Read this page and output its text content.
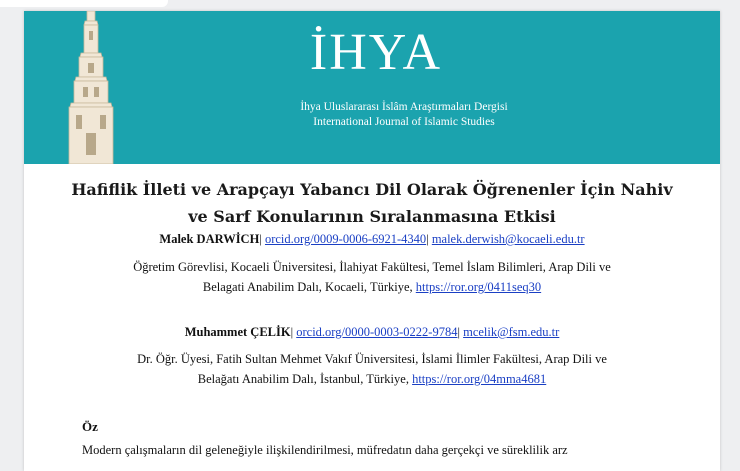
İHYA
İhya Uluslararası İslâm Araştırmaları Dergisi
International Journal of Islamic Studies
Hafiflik İlleti ve Arapçayı Yabancı Dil Olarak Öğrenenler İçin Nahiv
ve Sarf Konularının Sıralanmasına Etkisi
Malek DARWİCH| orcid.org/0009-0006-6921-4340| malek.derwish@kocaeli.edu.tr
Öğretim Görevlisi, Kocaeli Üniversitesi, İlahiyat Fakültesi, Temel İslam Bilimleri, Arap Dili ve
Belagati Anabilim Dalı, Kocaeli, Türkiye, https://ror.org/0411seq30
Muhammet ÇELİK| orcid.org/0000-0003-0222-9784| mcelik@fsm.edu.tr
Dr. Öğr. Üyesi, Fatih Sultan Mehmet Vakıf Üniversitesi, İslami İlimler Fakültesi, Arap Dili ve
Belağatı Anabilim Dalı, İstanbul, Türkiye, https://ror.org/04mma4681
Öz
Modern çalışmaların dil geleneğiyle ilişkilendirilmesi, müfredatın daha gerçekçi ve süreklilik arz
